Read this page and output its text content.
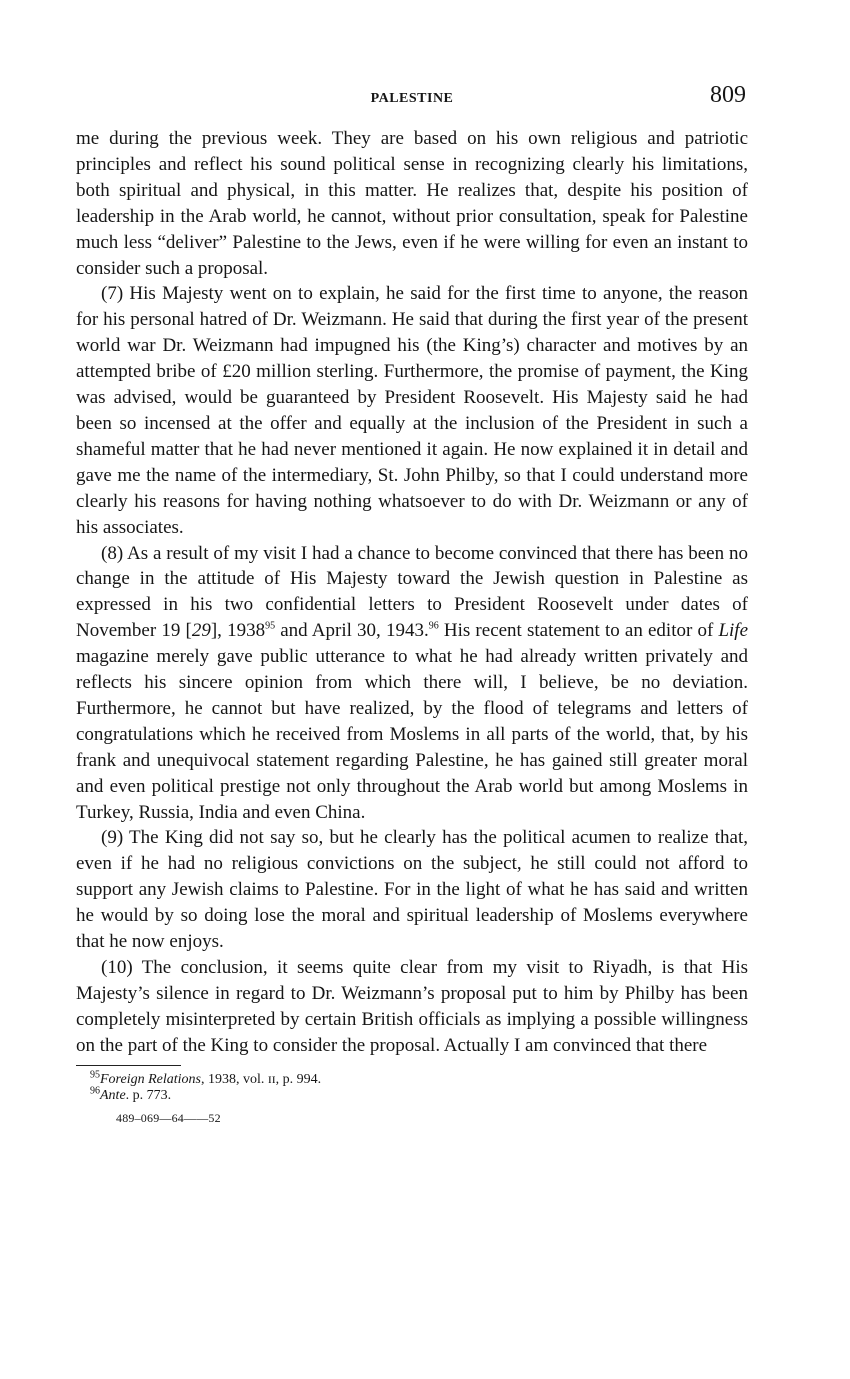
PALESTINE	809

me during the previous week. They are based on his own religious and patriotic principles and reflect his sound political sense in recognizing clearly his limitations, both spiritual and physical, in this matter. He realizes that, despite his position of leadership in the Arab world, he cannot, without prior consultation, speak for Palestine much less “deliver” Palestine to the Jews, even if he were willing for even an instant to consider such a proposal.

(7) His Majesty went on to explain, he said for the first time to anyone, the reason for his personal hatred of Dr. Weizmann. He said that during the first year of the present world war Dr. Weizmann had impugned his (the King’s) character and motives by an attempted bribe of £20 million sterling. Furthermore, the promise of payment, the King was advised, would be guaranteed by President Roosevelt. His Majesty said he had been so incensed at the offer and equally at the inclusion of the President in such a shameful matter that he had never mentioned it again. He now explained it in detail and gave me the name of the intermediary, St. John Philby, so that I could understand more clearly his reasons for having nothing whatsoever to do with Dr. Weizmann or any of his associates.

(8) As a result of my visit I had a chance to become convinced that there has been no change in the attitude of His Majesty toward the Jewish question in Palestine as expressed in his two confidential letters to President Roosevelt under dates of November 19 [29], 1938$^{95}$ and April 30, 1943.96 His recent statement to an editor of Life magazine merely gave public utterance to what he had already written privately and reflects his sincere opinion from which there will, I believe, be no deviation. Furthermore, he cannot but have realized, by the flood of telegrams and letters of congratulations which he received from Moslems in all parts of the world, that, by his frank and unequivocal statement regarding Palestine, he has gained still greater moral and even political prestige not only throughout the Arab world but among Moslems in Turkey, Russia, India and even China.

(9) The King did not say so, but he clearly has the political acumen to realize that, even if he had no religious convictions on the subject, he still could not afford to support any Jewish claims to Palestine. For in the light of what he has said and written he would by so doing lose the moral and spiritual leadership of Moslems everywhere that he now enjoys.

(10) The conclusion, it seems quite clear from my visit to Riyadh, is that His Majesty’s silence in regard to Dr. Weizmann’s proposal put to him by Philby has been completely misinterpreted by certain British officials as implying a possible willingness on the part of the King to consider the proposal. Actually I am convinced that there

$^{95}$Foreign Relations, 1938, vol. ɪɪ, p. 994.
$^{96}$Ante. p. 773.
489–069—64——52
